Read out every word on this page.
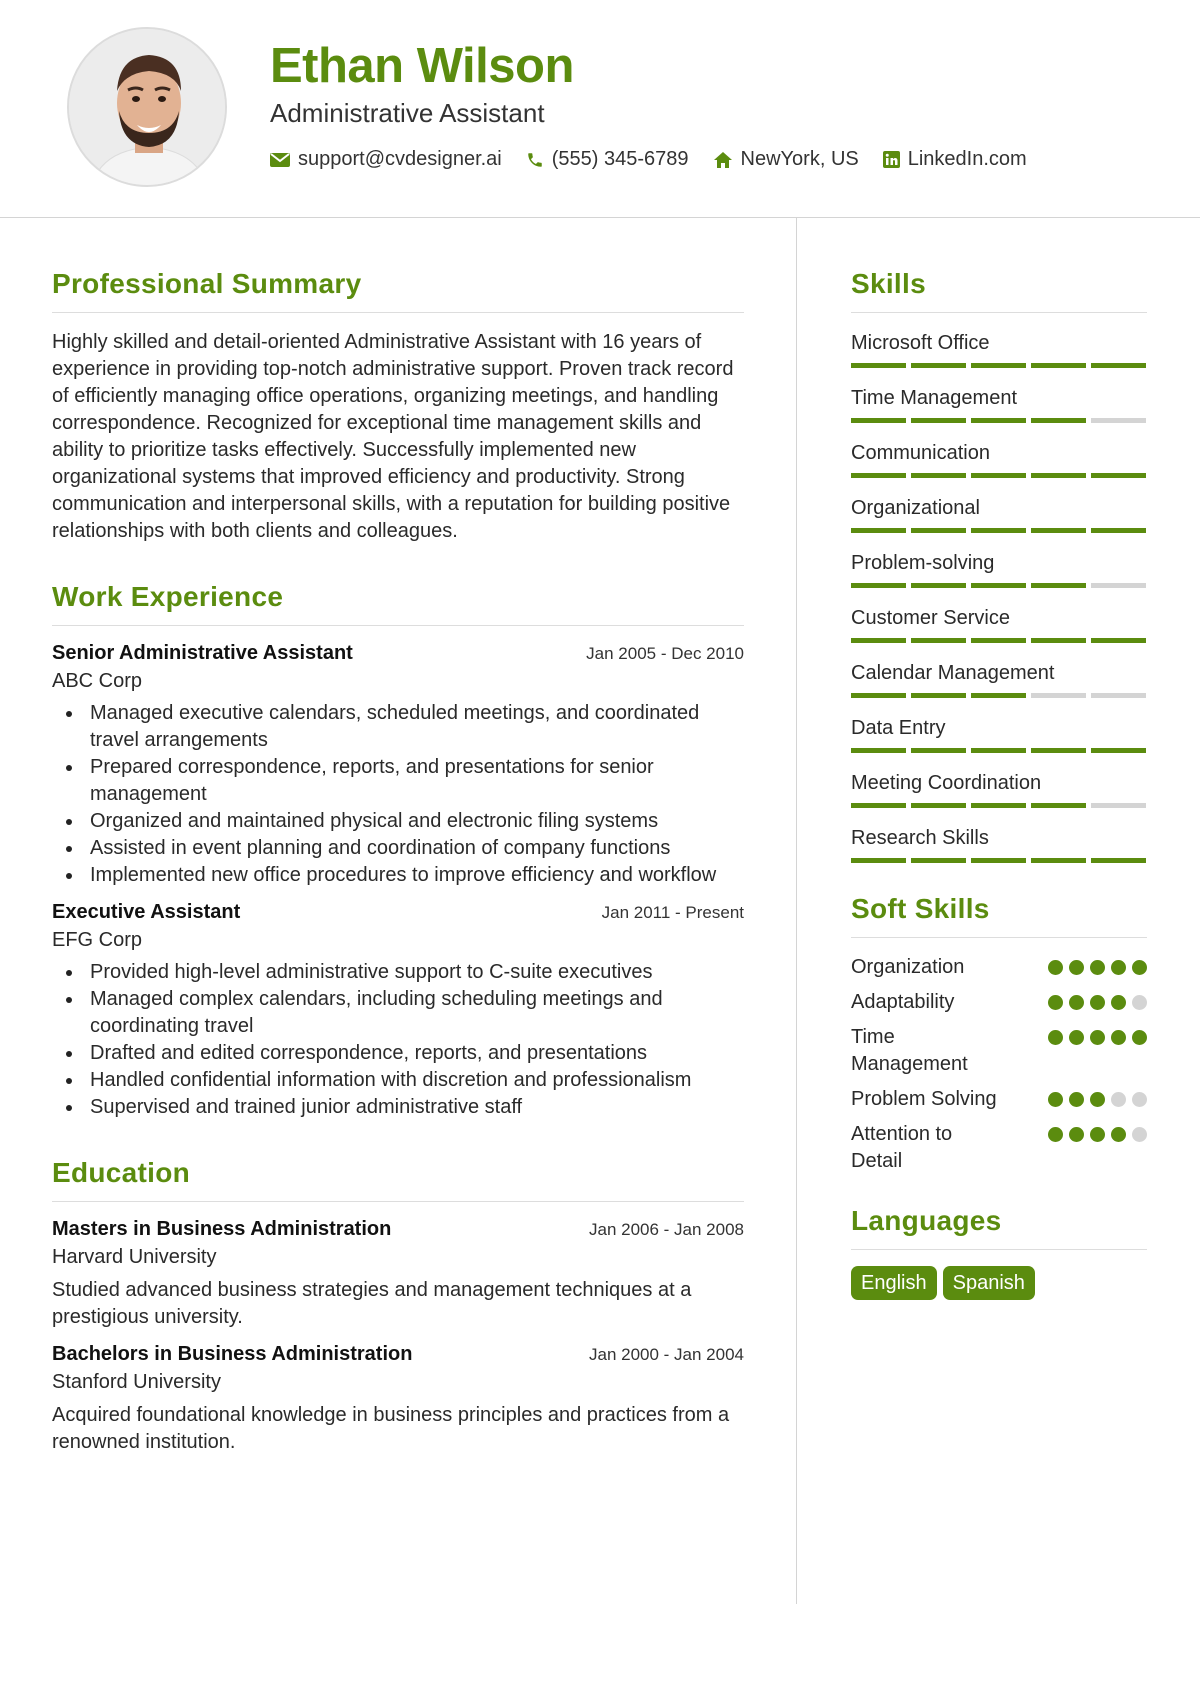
Ethan Wilson
Administrative Assistant
support@cvdesigner.ai	(555) 345-6789	NewYork, US LinkedIn.com
Professional Summary

Highly skilled and detail-oriented Administrative Assistant with 16 years of experience in providing top-notch administrative support. Proven track record of efficiently managing office operations, organizing meetings, and handling correspondence. Recognized for exceptional time management skills and ability to prioritize tasks effectively. Successfully implemented new organizational systems that improved efficiency and productivity. Strong communication and interpersonal skills, with a reputation for building positive relationships with both clients and colleagues.

Work Experience
Senior Administrative Assistant	Jan 2005 - Dec 2010
ABC Corp
Managed executive calendars, scheduled meetings, and coordinated travel arrangements
Prepared correspondence, reports, and presentations for senior management
Organized and maintained physical and electronic filing systems
Assisted in event planning and coordination of company functions
Implemented new office procedures to improve efficiency and workflow
Executive Assistant	Jan 2011 - Present
EFG Corp
Provided high-level administrative support to C-suite executives
Managed complex calendars, including scheduling meetings and coordinating travel
Drafted and edited correspondence, reports, and presentations
Handled confidential information with discretion and professionalism
Supervised and trained junior administrative staff
Education
Masters in Business Administration	Jan 2006 - Jan 2008
Harvard University

Studied advanced business strategies and management techniques at a prestigious university.

Bachelors in Business Administration	Jan 2000 - Jan 2004
Stanford University

Acquired foundational knowledge in business principles and practices from a renowned institution.

Skills
Microsoft Office
Time Management
Communication
Organizational
Problem-solving
Customer Service
Calendar Management
Data Entry
Meeting Coordination
Research Skills
Soft Skills
Organization
Adaptability
Time Management
Problem Solving
Attention to Detail
Languages
English	Spanish
